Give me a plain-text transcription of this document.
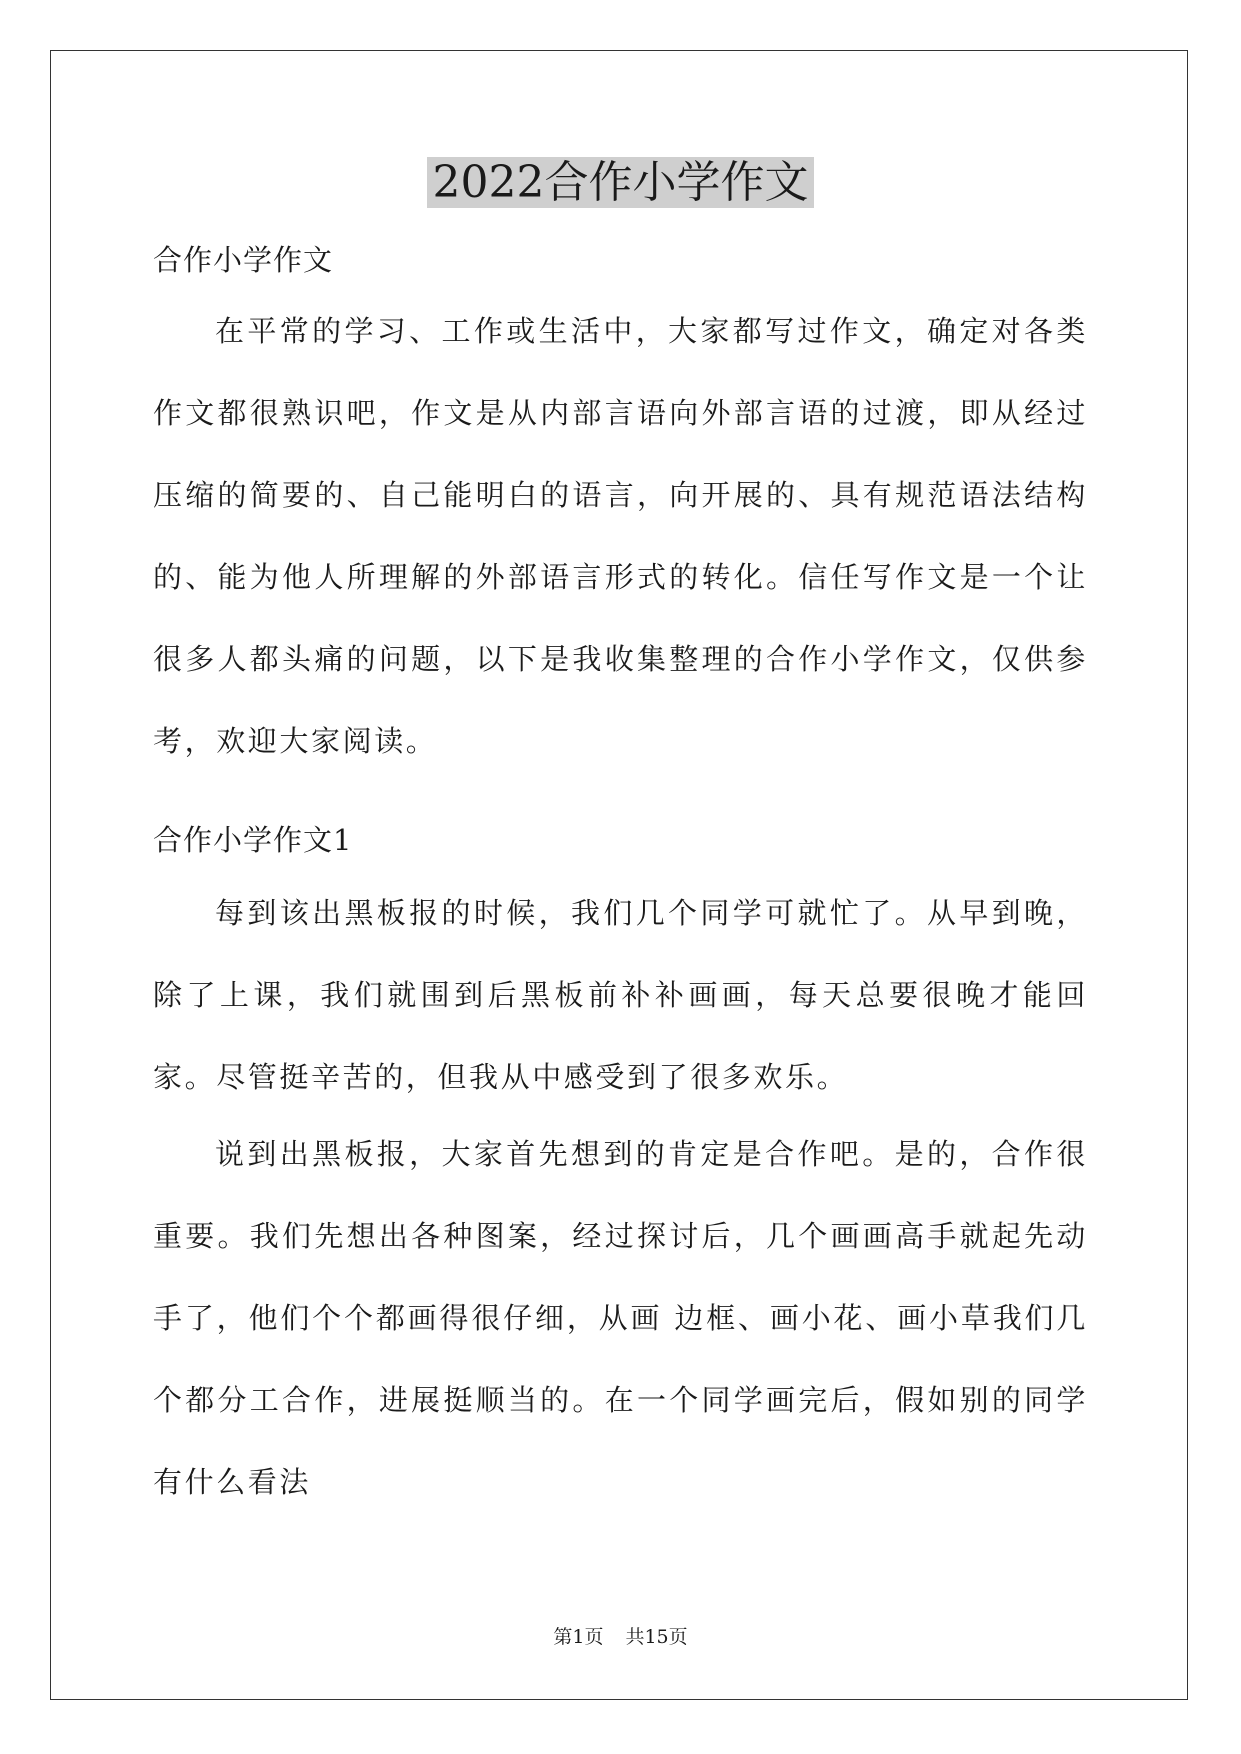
2022合作小学作文
合作小学作文

在平常的学习、工作或生活中，大家都写过作文，确定对各类作文都很熟识吧，作文是从内部言语向外部言语的过渡，即从经过压缩的简要的、自己能明白的语言，向开展的、具有规范语法结构的、能为他人所理解的外部语言形式的转化。信任写作文是一个让很多人都头痛的问题，以下是我收集整理的合作小学作文，仅供参考，欢迎大家阅读。

合作小学作文1

每到该出黑板报的时候，我们几个同学可就忙了。从早到晚，除了上课，我们就围到后黑板前补补画画，每天总要很晚才能回家。尽管挺辛苦的，但我从中感受到了很多欢乐。

说到出黑板报，大家首先想到的肯定是合作吧。是的，合作很重要。我们先想出各种图案，经过探讨后，几个画画高手就起先动手了，他们个个都画得很仔细，从画 边框、画小花、画小草我们几个都分工合作，进展挺顺当的。在一个同学画完后，假如别的同学有什么看法

第1页 共15页
